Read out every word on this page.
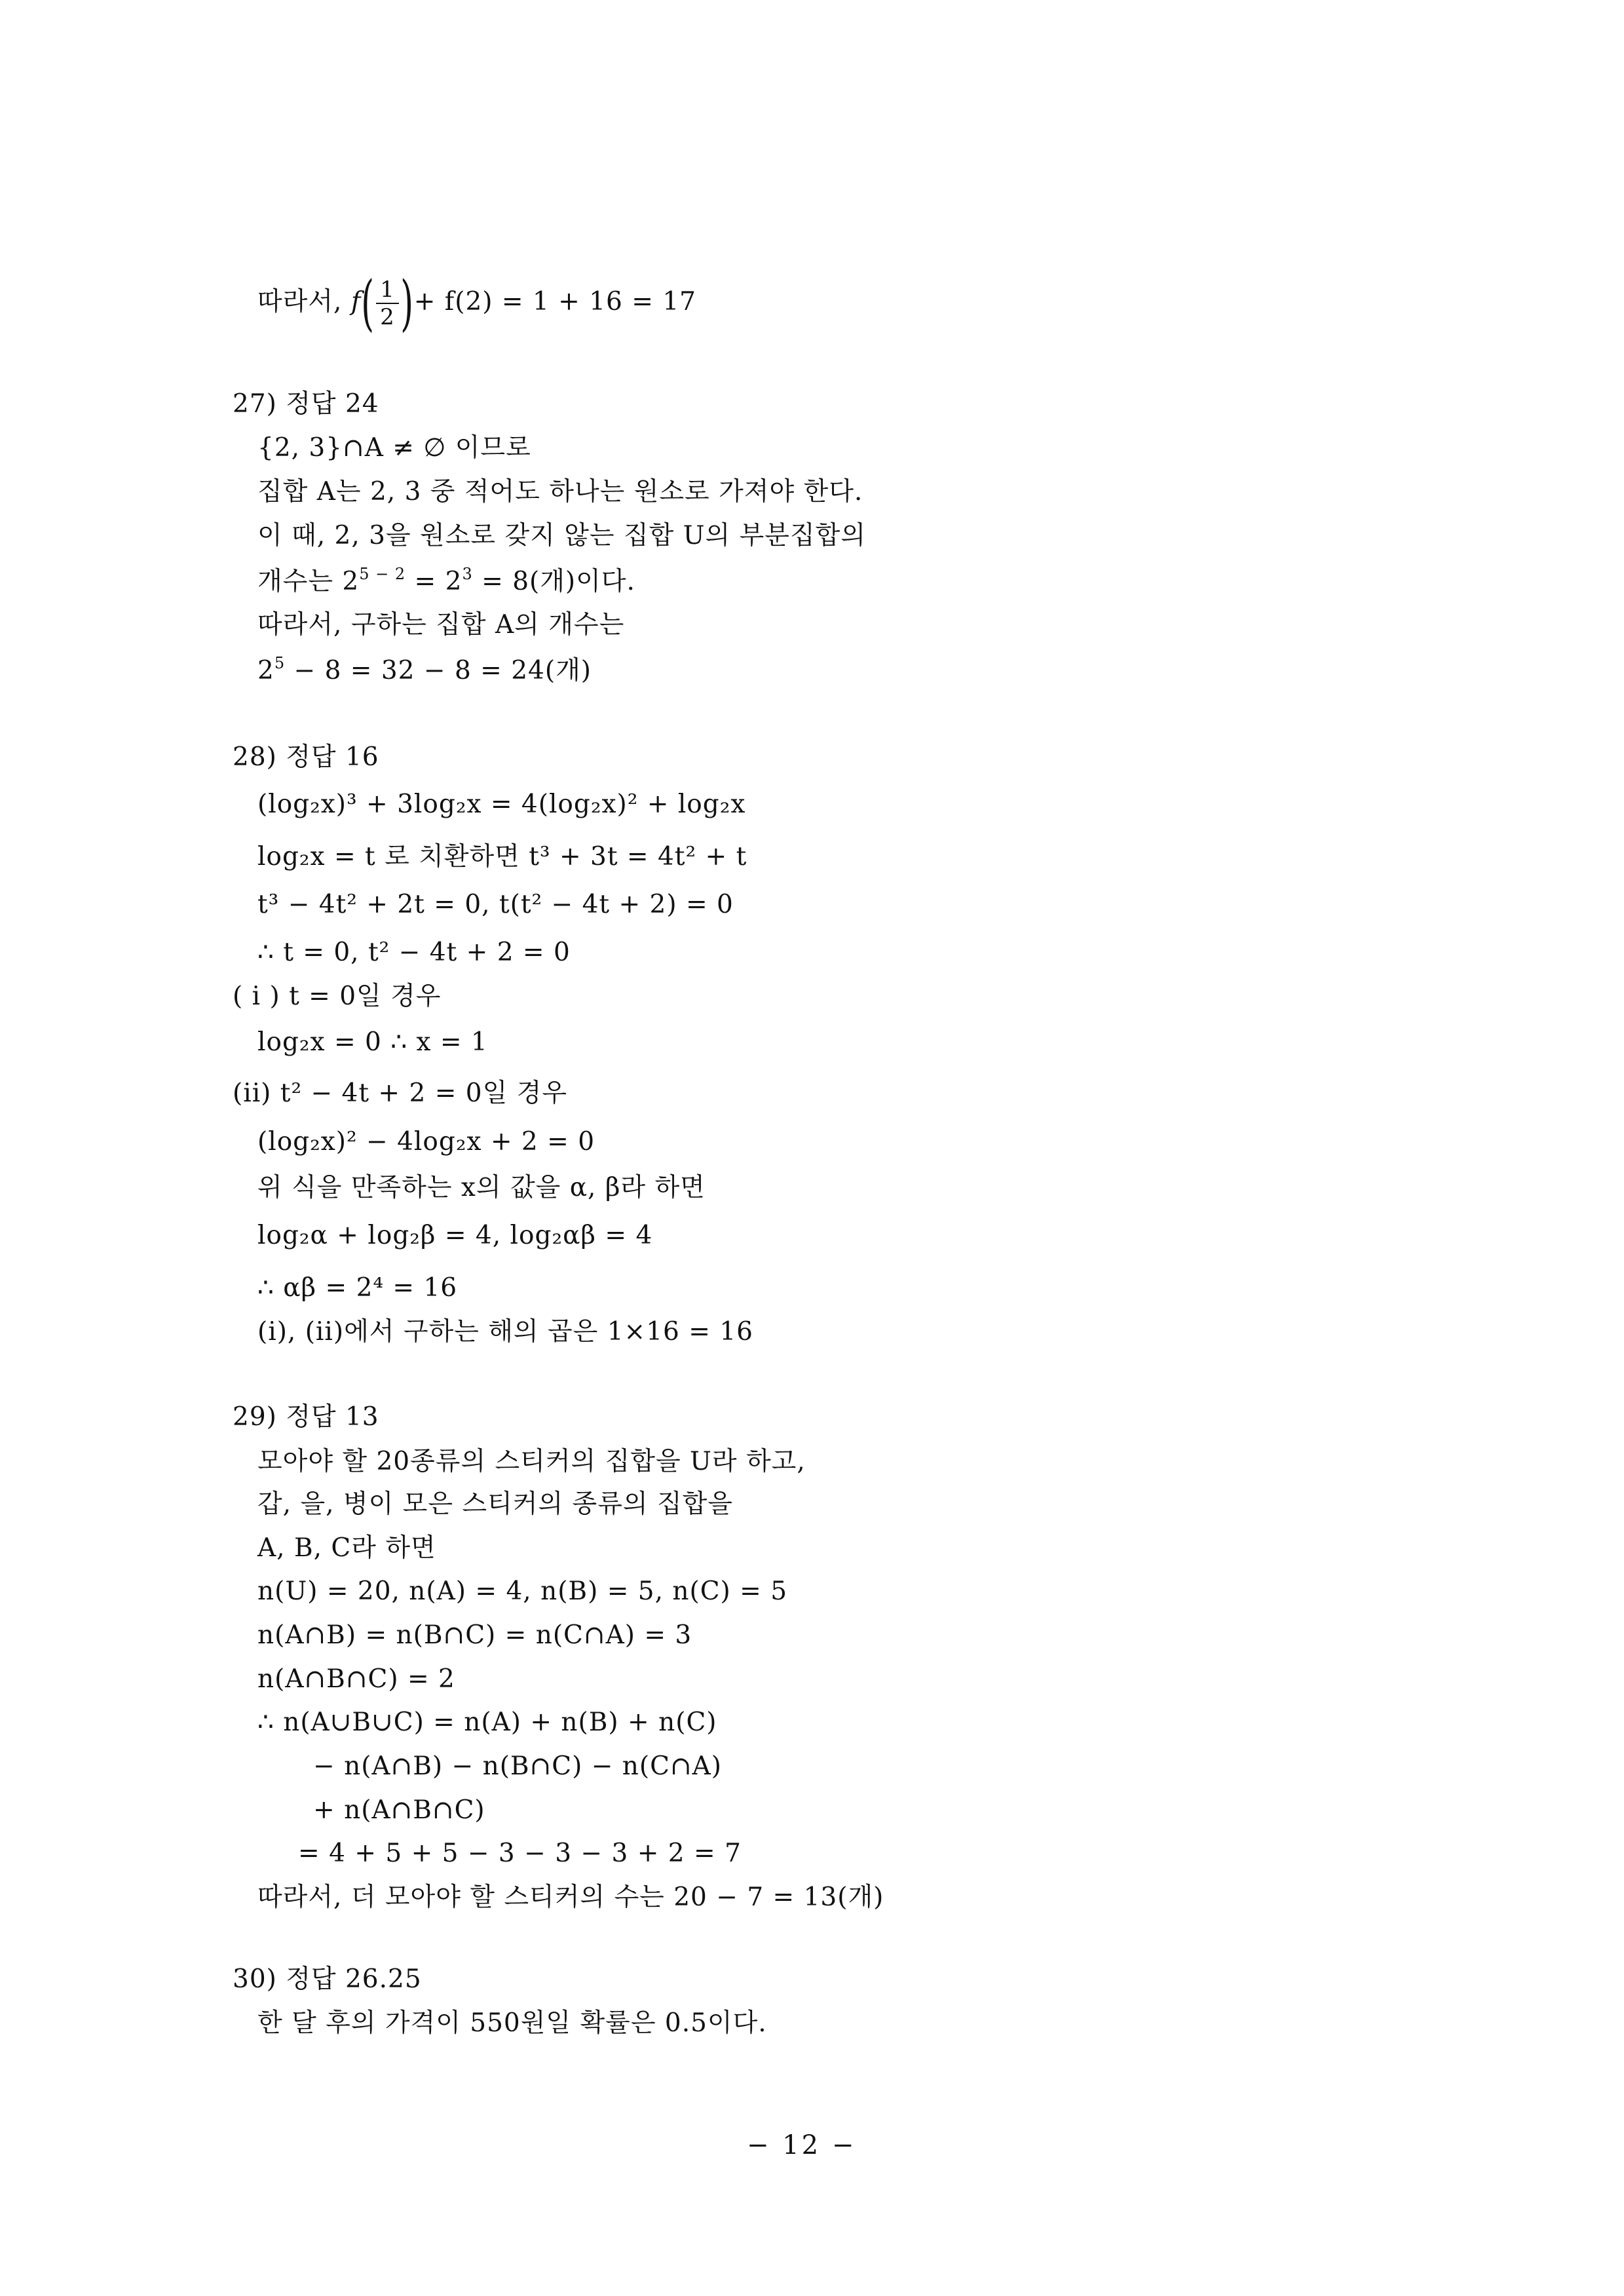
따라서, $f( \frac{1}{2}$ )+ f(2) = 1 + 16 = 17
27) 정답 24
{2, 3}∩A ≠ ∅ 이므로
집합 A는 2, 3 중 적어도 하나는 원소로 가져야 한다.
이 때, 2, 3을 원소로 갖지 않는 집합 U의 부분집합의
개수는 $2^{5 - 2} = 2^3 = 8$(개)이다.
따라서, 구하는 집합 A의 개수는
$2^5 - 8 = 32 - 8 = 24$(개)
28) 정답 16
(log₂x)³ + 3log₂x = 4(log₂x)² + log₂x
log₂x = t 로 치환하면 t³ + 3t = 4t² + t
t³ − 4t² + 2t = 0, t(t² − 4t + 2) = 0
∴ t = 0, t² − 4t + 2 = 0
( i ) t = 0일 경우
log₂x = 0 ∴ x = 1
(ii) t² − 4t + 2 = 0일 경우
(log₂x)² − 4log₂x + 2 = 0
위 식을 만족하는 x의 값을 α, β라 하면
log₂α + log₂β = 4, log₂αβ = 4
∴ αβ = 2⁴ = 16
(i), (ii)에서 구하는 해의 곱은 1×16 = 16
29) 정답 13
모아야 할 20종류의 스티커의 집합을 U라 하고,
갑, 을, 병이 모은 스티커의 종류의 집합을
A, B, C라 하면
n(U) = 20, n(A) = 4, n(B) = 5, n(C) = 5
n(A∩B) = n(B∩C) = n(C∩A) = 3
n(A∩B∩C) = 2
∴ n(A∪B∪C) = n(A) + n(B) + n(C)
− n(A∩B) − n(B∩C) − n(C∩A)
+ n(A∩B∩C)
= 4 + 5 + 5 − 3 − 3 − 3 + 2 = 7
따라서, 더 모아야 할 스티커의 수는 20 − 7 = 13(개)
30) 정답 26.25
한 달 후의 가격이 550원일 확률은 0.5이다.
− 12 −
